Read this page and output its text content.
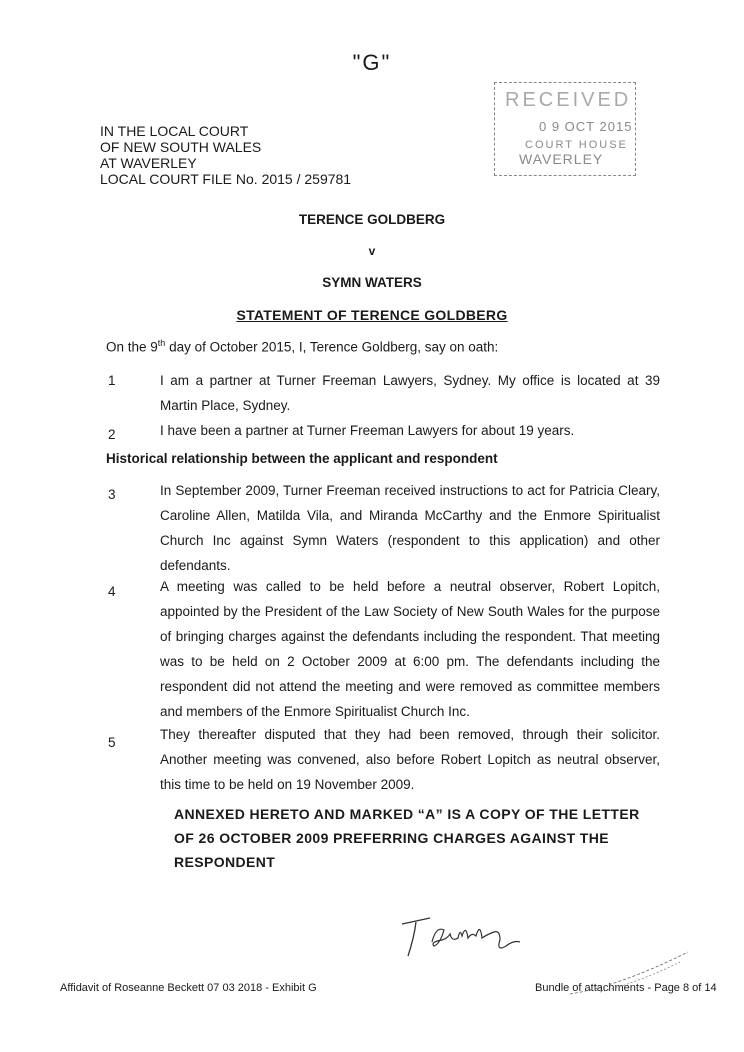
"G"
RECEIVED
0 9 OCT 2015
COURT HOUSE
WAVERLEY
IN THE LOCAL COURT
OF NEW SOUTH WALES
AT WAVERLEY
LOCAL COURT FILE No. 2015 / 259781
TERENCE GOLDBERG
v
SYMN WATERS
STATEMENT OF TERENCE GOLDBERG
On the 9th day of October 2015, I, Terence Goldberg, say on oath:
1	I am a partner at Turner Freeman Lawyers, Sydney. My office is located at 39 Martin Place, Sydney.
2	I have been a partner at Turner Freeman Lawyers for about 19 years.
Historical relationship between the applicant and respondent
3	In September 2009, Turner Freeman received instructions to act for Patricia Cleary, Caroline Allen, Matilda Vila, and Miranda McCarthy and the Enmore Spiritualist Church Inc against Symn Waters (respondent to this application) and other defendants.
4	A meeting was called to be held before a neutral observer, Robert Lopitch, appointed by the President of the Law Society of New South Wales for the purpose of bringing charges against the defendants including the respondent. That meeting was to be held on 2 October 2009 at 6:00 pm. The defendants including the respondent did not attend the meeting and were removed as committee members and members of the Enmore Spiritualist Church Inc.
5
They thereafter disputed that they had been removed, through their solicitor. Another meeting was convened, also before Robert Lopitch as neutral observer, this time to be held on 19 November 2009.
ANNEXED HERETO AND MARKED “A” IS A COPY OF THE LETTER OF 26 OCTOBER 2009 PREFERRING CHARGES AGAINST THE RESPONDENT
Affidavit of Roseanne Beckett 07 03 2018 - Exhibit G	Bundle of attachments - Page 8 of 14
